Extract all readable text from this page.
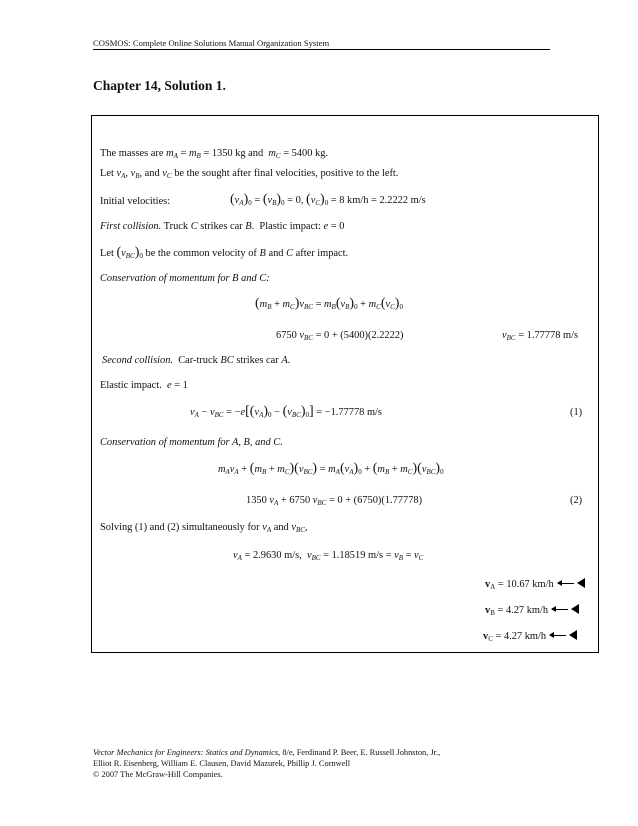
COSMOS: Complete Online Solutions Manual Organization System
Chapter 14, Solution 1.
The masses are $m_A = m_B = 1350$ kg and $m_C = 5400$ kg.
Let $v_A$, $v_B$, and $v_C$ be the sought after final velocities, positive to the left.
Initial velocities:	$(v_A)_0 = (v_B)_0 = 0$, $(v_C)_0 = 8$ km/h = 2.2222 m/s
First collision. Truck C strikes car B.  Plastic impact: e = 0
Let $(v_{BC})_0$ be the common velocity of B and C after impact.
Conservation of momentum for B and C:
$(m_B + m_C)v_{BC} = m_B(v_B)_0 + m_C(v_C)_0$
6750 $v_{BC} = 0 + (5400)(2.2222)$	$v_{BC} = 1.77778$ m/s
Second collision. Car-truck BC strikes car A.
Elastic impact. e = 1
$v_A - v_{BC} = -e[(v_A)_0 - (v_{BC})_0] = -1.77778$ m/s	(1)
Conservation of momentum for A, B, and C.
$m_Av_A + (m_B + m_C)(v_{BC}) = m_A(v_A)_0 + (m_B + m_C)(v_{BC})_0$
1350 $v_A + 6750$ $v_{BC} = 0 + (6750)(1.77778)$	(2)
Solving (1) and (2) simultaneously for $v_A$ and $v_{BC}$,
$v_A = 2.9630$ m/s, $v_{BC} = 1.18519$ $m/s = v_B = v_C$
$v_A = 10.67$ km/h
$v_B = 4.27$ km/h
$v_C = 4.27$ km/h
Vector Mechanics for Engineers: Statics and Dynamics, 8/e, Ferdinand P. Beer, E. Russell Johnston, Jr.,
Elliot R. Eisenberg, William E. Clausen, David Mazurek, Phillip J. Cornwell
© 2007 The McGraw-Hill Companies.
